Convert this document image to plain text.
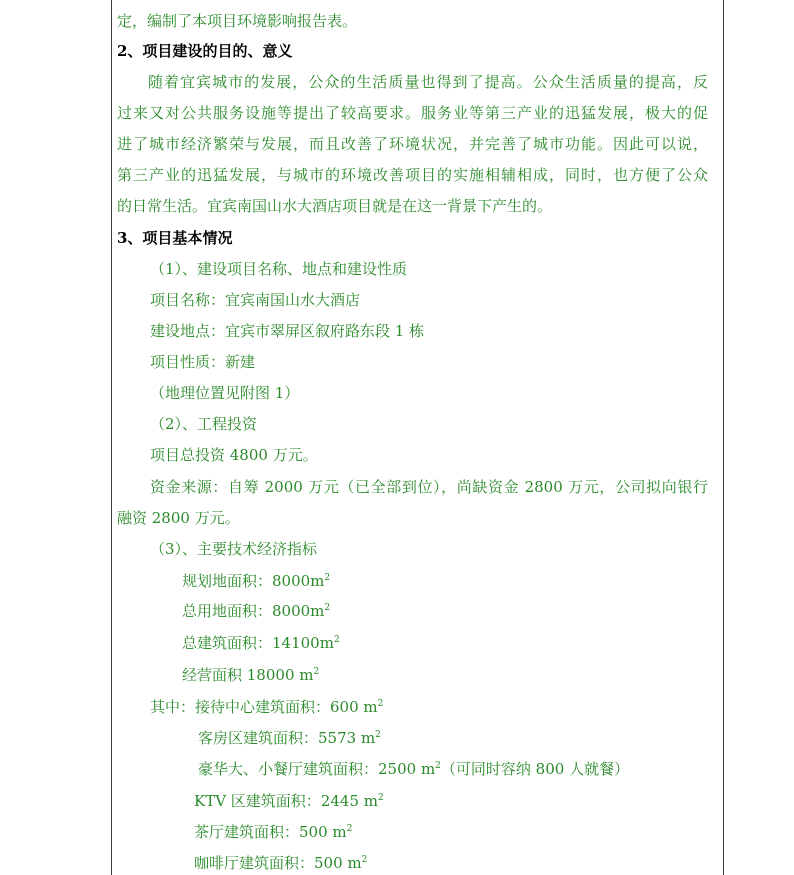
定，编制了本项目环境影响报告表。
2、项目建设的目的、意义
随着宜宾城市的发展，公众的生活质量也得到了提高。公众生活质量的提高，反
过来又对公共服务设施等提出了较高要求。服务业等第三产业的迅猛发展，极大的促
进了城市经济繁荣与发展，而且改善了环境状况，并完善了城市功能。因此可以说，
第三产业的迅猛发展，与城市的环境改善项目的实施相辅相成，同时，也方便了公众
的日常生活。宜宾南国山水大酒店项目就是在这一背景下产生的。
3、项目基本情况
（1）、建设项目名称、地点和建设性质
项目名称：宜宾南国山水大酒店
建设地点：宜宾市翠屏区叙府路东段 1 栋
项目性质：新建
（地理位置见附图 1）
（2）、工程投资
项目总投资 4800 万元。
资金来源：自筹 2000 万元（已全部到位），尚缺资金 2800 万元，公司拟向银行
融资 2800 万元。
（3）、主要技术经济指标
规划地面积：$8000m^2$
总用地面积：$8000m^2$
总建筑面积：$14100m^2$
经营面积 18000 $m^2$
其中：接待中心建筑面积：600 $m^2$
客房区建筑面积：5573 $m^2$
豪华大、小餐厅建筑面积：2500 $m^2$（可同时容纳 800 人就餐）
KTV 区建筑面积：2445 $m^2$
茶厅建筑面积：500 $m^2$
咖啡厅建筑面积：500 $m^2$
